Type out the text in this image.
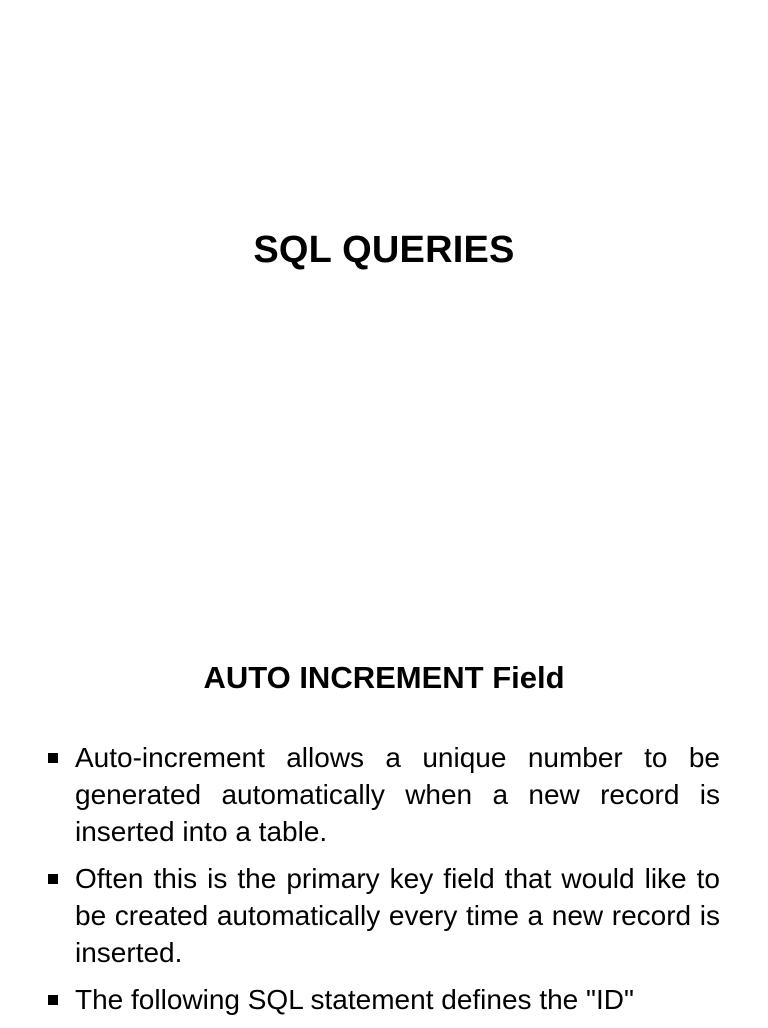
SQL QUERIES
AUTO INCREMENT Field
Auto-increment allows a unique number to be generated automatically when a new record is inserted into a table.
Often this is the primary key field that would like to be created automatically every time a new record is inserted.
The following SQL statement defines the "ID"
